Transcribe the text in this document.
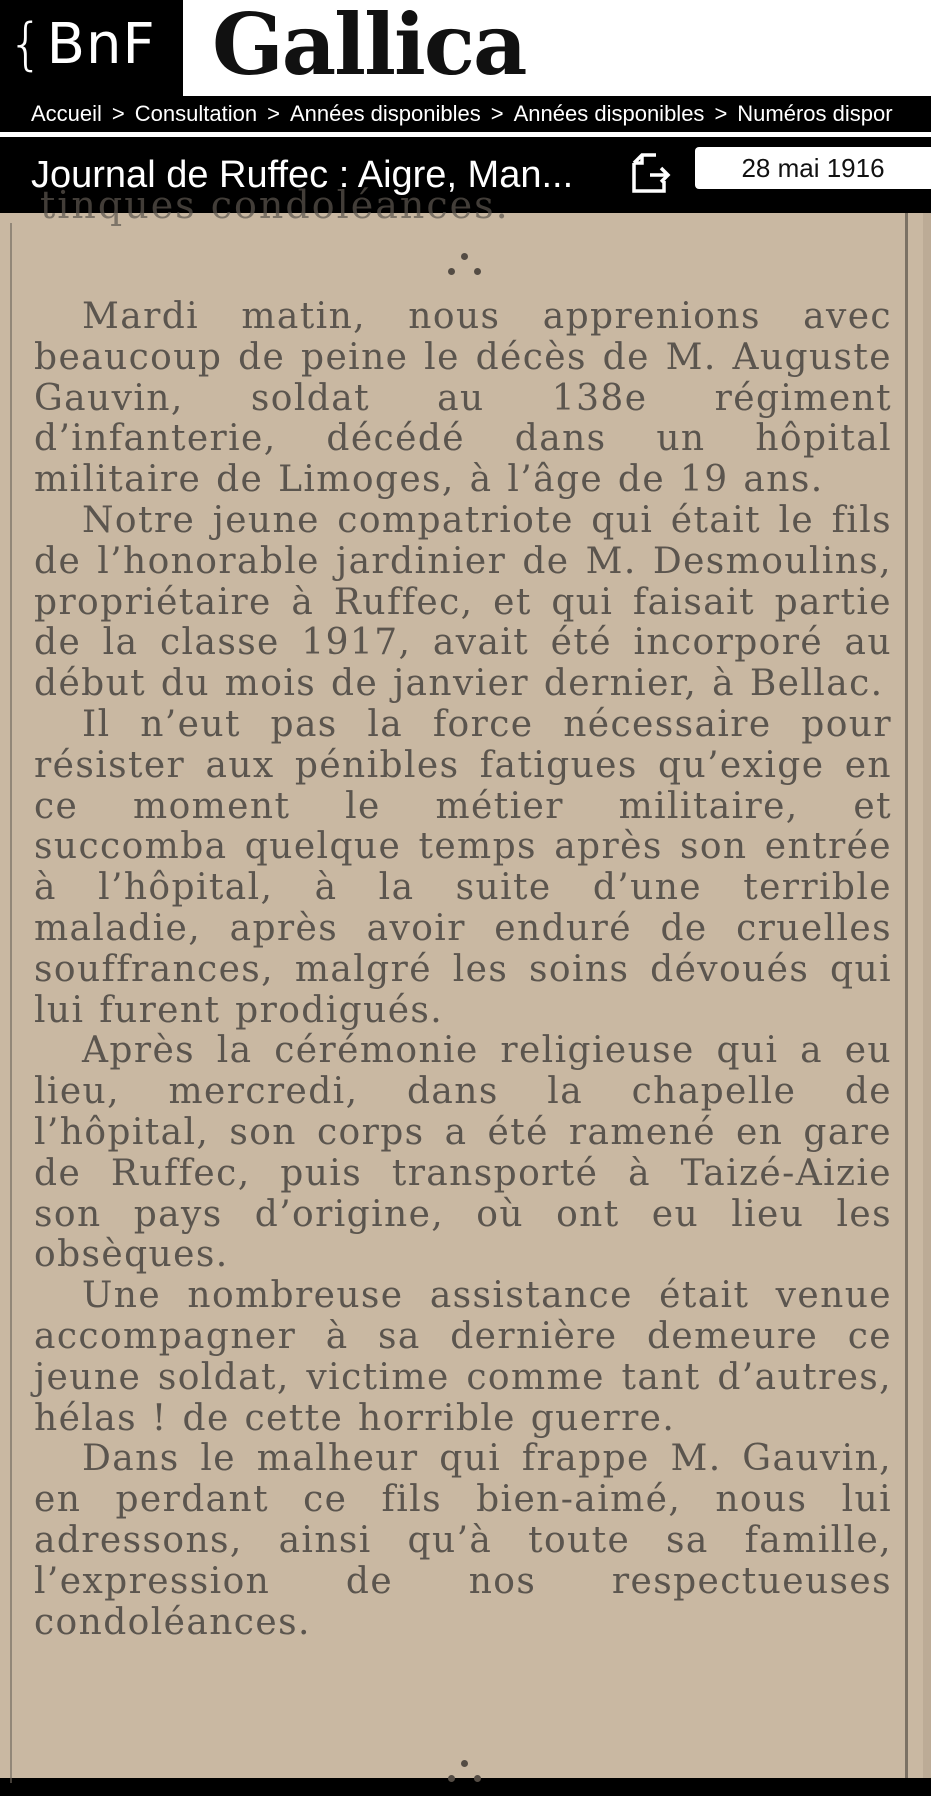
{BnF Gallica
Accueil > Consultation > Années disponibles > Années disponibles > Numéros dispor
Journal de Ruffec : Aigre, Man...	28 mai 1916
tinques condoléances.

Mardi matin, nous apprenions avec beaucoup de peine le décès de M. Auguste Gauvin, soldat au 138e régiment d’infanterie, décédé dans un hôpital militaire de Limoges, à l’âge de 19 ans.

Notre jeune compatriote qui était le fils de l’honorable jardinier de M. Desmoulins, propriétaire à Ruffec, et qui faisait partie de la classe 1917, avait été incorporé au début du mois de janvier dernier, à Bellac.

Il n’eut pas la force nécessaire pour résister aux pénibles fatigues qu’exige en ce moment le métier militaire, et succomba quelque temps après son entrée à l’hôpital, à la suite d’une terrible maladie, après avoir enduré de cruelles souffrances, malgré les soins dévoués qui lui furent prodigués.

Après la cérémonie religieuse qui a eu lieu, mercredi, dans la chapelle de l’hôpital, son corps a été ramené en gare de Ruffec, puis transporté à Taizé-Aizie son pays d’origine, où ont eu lieu les obsèques.

Une nombreuse assistance était venue accompagner à sa dernière demeure ce jeune soldat, victime comme tant d’autres, hélas ! de cette horrible guerre.

Dans le malheur qui frappe M. Gauvin, en perdant ce fils bien-aimé, nous lui adressons, ainsi qu’à toute sa famille, l’expression de nos respectueuses condoléances.
